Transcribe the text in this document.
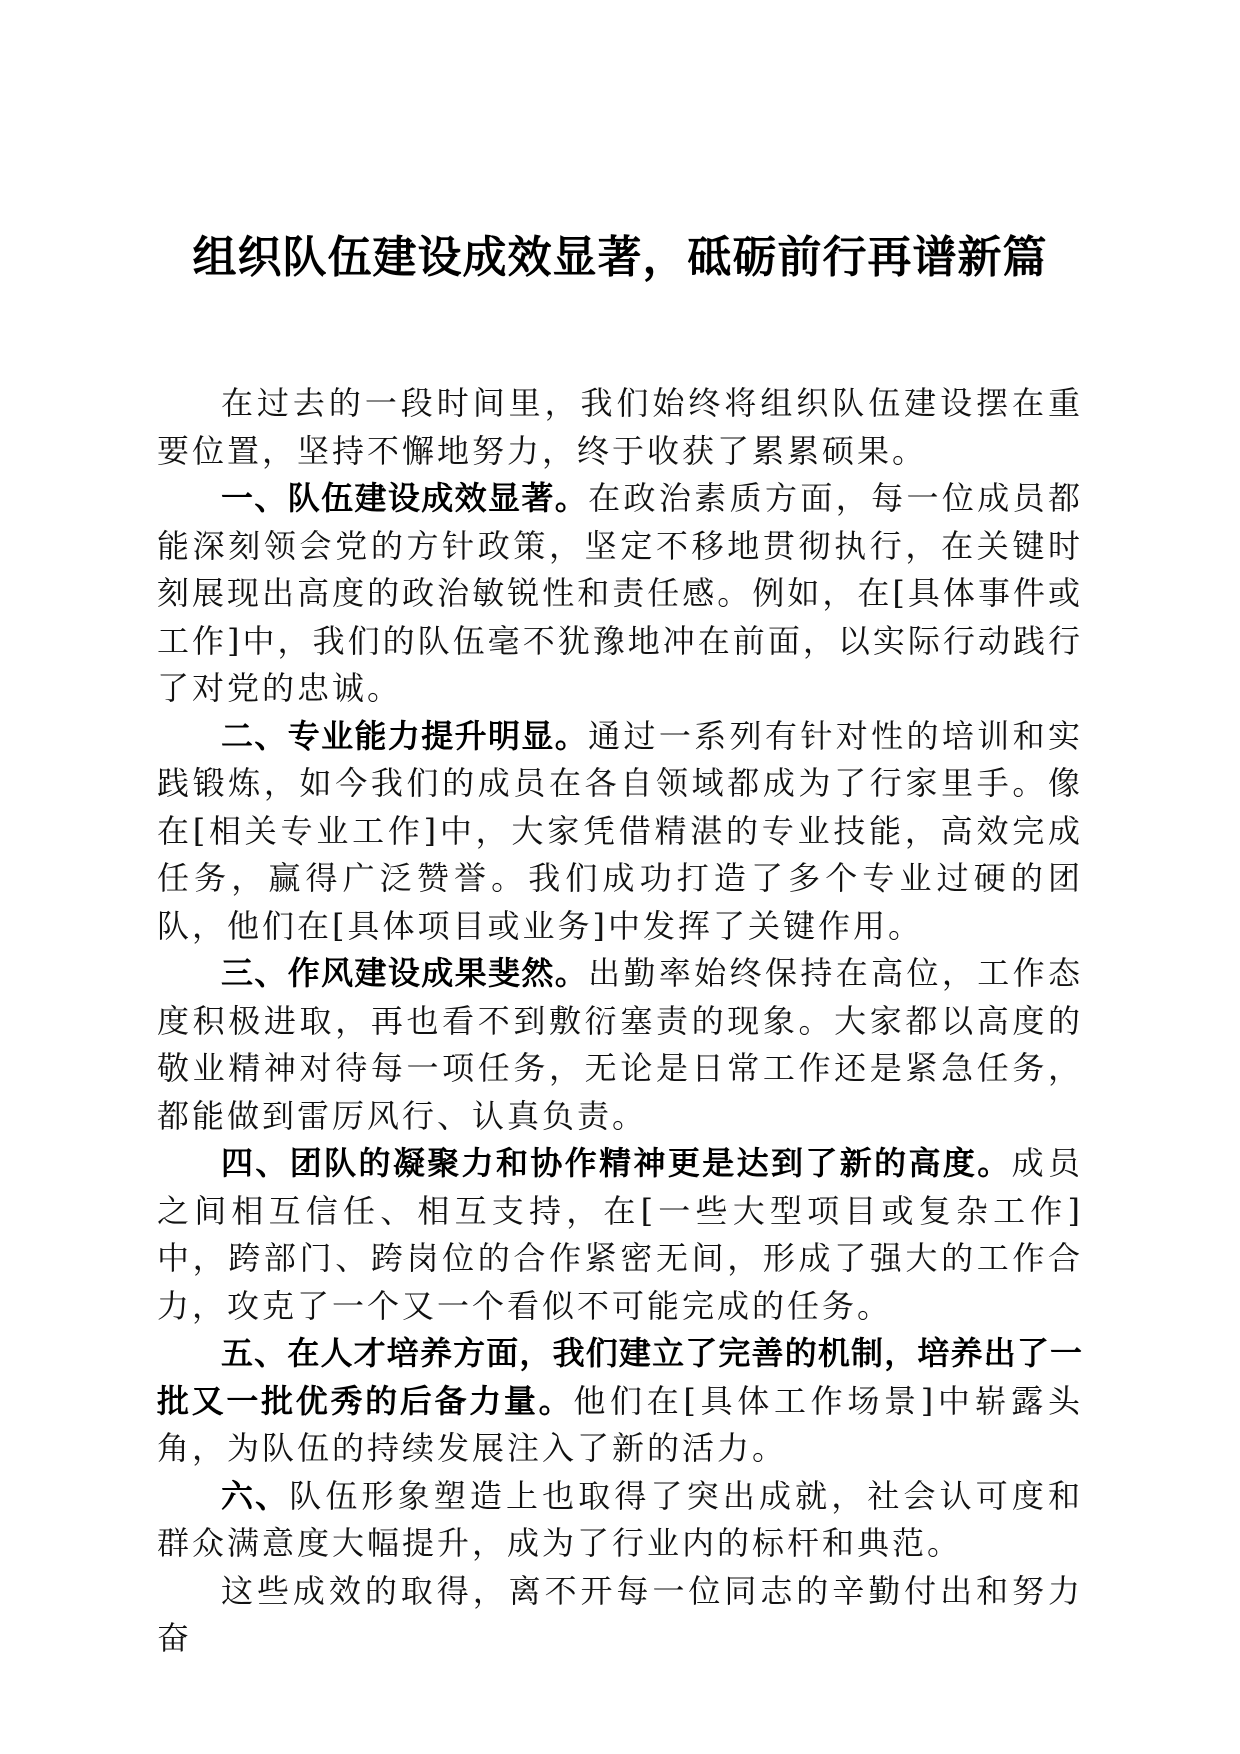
组织队伍建设成效显著，砥砺前行再谱新篇

在过去的一段时间里，我们始终将组织队伍建设摆在重要位置，坚持不懈地努力，终于收获了累累硕果。

一、队伍建设成效显著。在政治素质方面，每一位成员都能深刻领会党的方针政策，坚定不移地贯彻执行，在关键时刻展现出高度的政治敏锐性和责任感。例如，在[具体事件或工作]中，我们的队伍毫不犹豫地冲在前面，以实际行动践行了对党的忠诚。

二、专业能力提升明显。通过一系列有针对性的培训和实践锻炼，如今我们的成员在各自领域都成为了行家里手。像在[相关专业工作]中，大家凭借精湛的专业技能，高效完成任务，赢得广泛赞誉。我们成功打造了多个专业过硬的团队，他们在[具体项目或业务]中发挥了关键作用。

三、作风建设成果斐然。出勤率始终保持在高位，工作态度积极进取，再也看不到敷衍塞责的现象。大家都以高度的敬业精神对待每一项任务，无论是日常工作还是紧急任务，都能做到雷厉风行、认真负责。

四、团队的凝聚力和协作精神更是达到了新的高度。成员之间相互信任、相互支持，在[一些大型项目或复杂工作]中，跨部门、跨岗位的合作紧密无间，形成了强大的工作合力，攻克了一个又一个看似不可能完成的任务。

五、在人才培养方面，我们建立了完善的机制，培养出了一批又一批优秀的后备力量。他们在[具体工作场景]中崭露头角，为队伍的持续发展注入了新的活力。

六、队伍形象塑造上也取得了突出成就，社会认可度和群众满意度大幅提升，成为了行业内的标杆和典范。

这些成效的取得，离不开每一位同志的辛勤付出和努力奋
